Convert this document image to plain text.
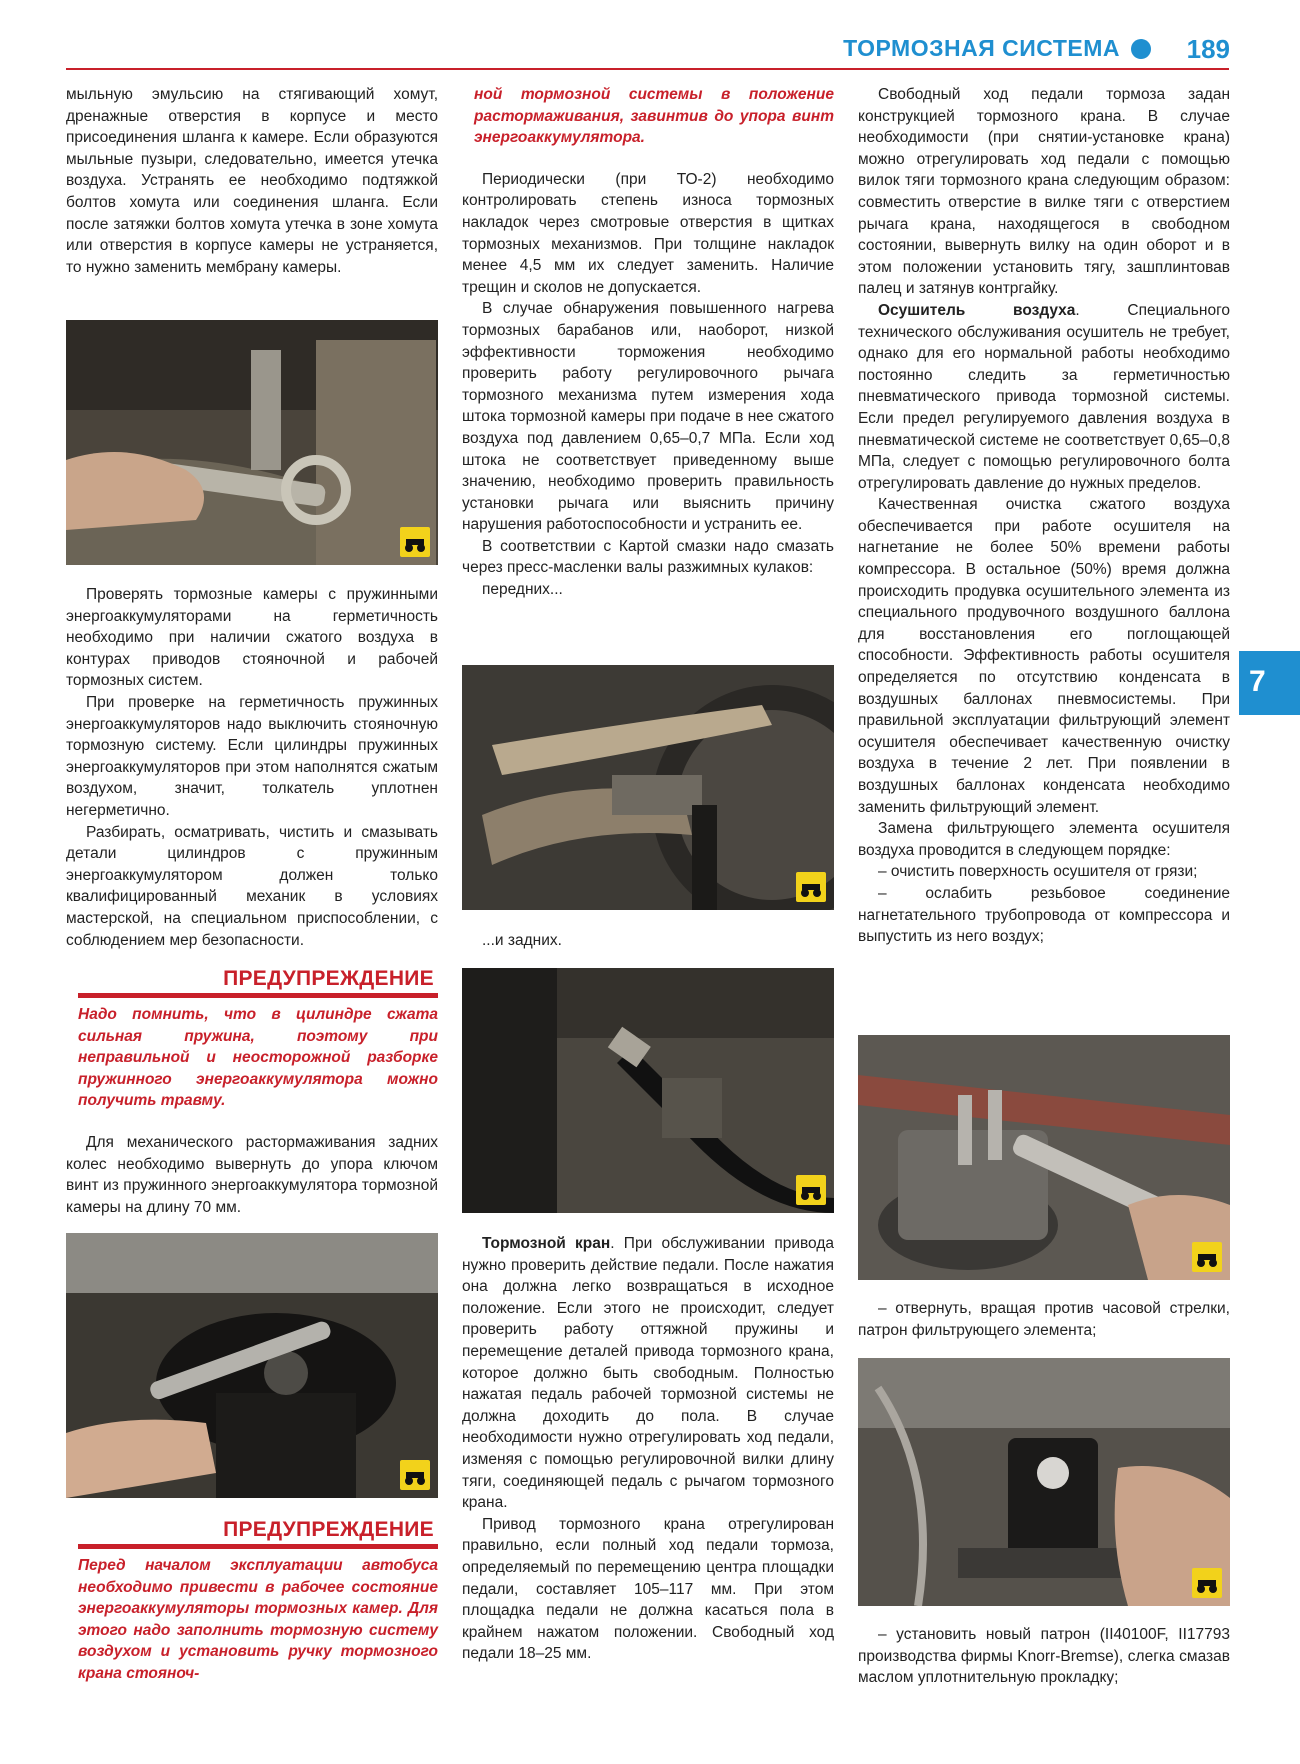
ТОРМОЗНАЯ СИСТЕМА	189
7

мыльную эмульсию на стягивающий хомут, дренажные отверстия в корпусе и место присоединения шланга к камере. Если образуются мыльные пузыри, следовательно, имеется утечка воздуха. Устранять ее необходимо подтяжкой болтов хомута или соединения шланга. Если после затяжки болтов хомута утечка в зоне хомута или отверстия в корпусе камеры не устраняется, то нужно заменить мембрану камеры.

Проверять тормозные камеры с пружинными энергоаккумуляторами на герметичность необходимо при наличии сжатого воздуха в контурах приводов стояночной и рабочей тормозных систем.

При проверке на герметичность пружинных энергоаккумуляторов надо выключить стояночную тормозную систему. Если цилиндры пружинных энергоаккумуляторов при этом наполнятся сжатым воздухом, значит, толкатель уплотнен негерметично.

Разбирать, осматривать, чистить и смазывать детали цилиндров с пружинным энергоаккумулятором должен только квалифицированный механик в условиях мастерской, на специальном приспособлении, с соблюдением мер безопасности.

ПРЕДУПРЕЖДЕНИЕ

Надо помнить, что в цилиндре сжата сильная пружина, поэтому при неправильной и неосторожной разборке пружинного энергоаккумулятора можно получить травму.

Для механического растормаживания задних колес необходимо вывернуть до упора ключом винт из пружинного энергоаккумулятора тормозной камеры на длину 70 мм.

ПРЕДУПРЕЖДЕНИЕ

Перед началом эксплуатации автобуса необходимо привести в рабочее состояние энергоаккумуляторы тормозных камер. Для этого надо заполнить тормозную систему воздухом и установить ручку тормозного крана стояноч-

ной тормозной системы в положение растормаживания, завинтив до упора винт энергоаккумулятора.

Периодически (при ТО-2) необходимо контролировать степень износа тормозных накладок через смотровые отверстия в щитках тормозных механизмов. При толщине накладок менее 4,5 мм их следует заменить. Наличие трещин и сколов не допускается.

В случае обнаружения повышенного нагрева тормозных барабанов или, наоборот, низкой эффективности торможения необходимо проверить работу регулировочного рычага тормозного механизма путем измерения хода штока тормозной камеры при подаче в нее сжатого воздуха под давлением 0,65–0,7 МПа. Если ход штока не соответствует приведенному выше значению, необходимо проверить правильность установки рычага или выяснить причину нарушения работоспособности и устранить ее.

В соответствии с Картой смазки надо смазать через пресс-масленки валы разжимных кулаков:

передних...

...и задних.

Тормозной кран. При обслуживании привода нужно проверить действие педали. После нажатия она должна легко возвращаться в исходное положение. Если этого не происходит, следует проверить работу оттяжной пружины и перемещение деталей привода тормозного крана, которое должно быть свободным. Полностью нажатая педаль рабочей тормозной системы не должна доходить до пола. В случае необходимости нужно отрегулировать ход педали, изменяя с помощью регулировочной вилки длину тяги, соединяющей педаль с рычагом тормозного крана.

Привод тормозного крана отрегулирован правильно, если полный ход педали тормоза, определяемый по перемещению центра площадки педали, составляет 105–117 мм. При этом площадка педали не должна касаться пола в крайнем нажатом положении. Свободный ход педали 18–25 мм.

Свободный ход педали тормоза задан конструкцией тормозного крана. В случае необходимости (при снятии-установке крана) можно отрегулировать ход педали с помощью вилок тяги тормозного крана следующим образом: совместить отверстие в вилке тяги с отверстием рычага крана, находящегося в свободном состоянии, вывернуть вилку на один оборот и в этом положении установить тягу, зашплинтовав палец и затянув контргайку.

Осушитель воздуха. Специального технического обслуживания осушитель не требует, однако для его нормальной работы необходимо постоянно следить за герметичностью пневматического привода тормозной системы. Если предел регулируемого давления воздуха в пневматической системе не соответствует 0,65–0,8 МПа, следует с помощью регулировочного болта отрегулировать давление до нужных пределов.

Качественная очистка сжатого воздуха обеспечивается при работе осушителя на нагнетание не более 50% времени работы компрессора. В остальное (50%) время должна происходить продувка осушительного элемента из специального продувочного воздушного баллона для восстановления его поглощающей способности. Эффективность работы осушителя определяется по отсутствию конденсата в воздушных баллонах пневмосистемы. При правильной эксплуатации фильтрующий элемент осушителя обеспечивает качественную очистку воздуха в течение 2 лет. При появлении в воздушных баллонах конденсата необходимо заменить фильтрующий элемент.

Замена фильтрующего элемента осушителя воздуха проводится в следующем порядке:

– очистить поверхность осушителя от грязи;

– ослабить резьбовое соединение нагнетательного трубопровода от компрессора и выпустить из него воздух;

– отвернуть, вращая против часовой стрелки, патрон фильтрующего элемента;

– установить новый патрон (II40100F, II17793 производства фирмы Knorr-Bremse), слегка смазав маслом уплотнительную прокладку;
